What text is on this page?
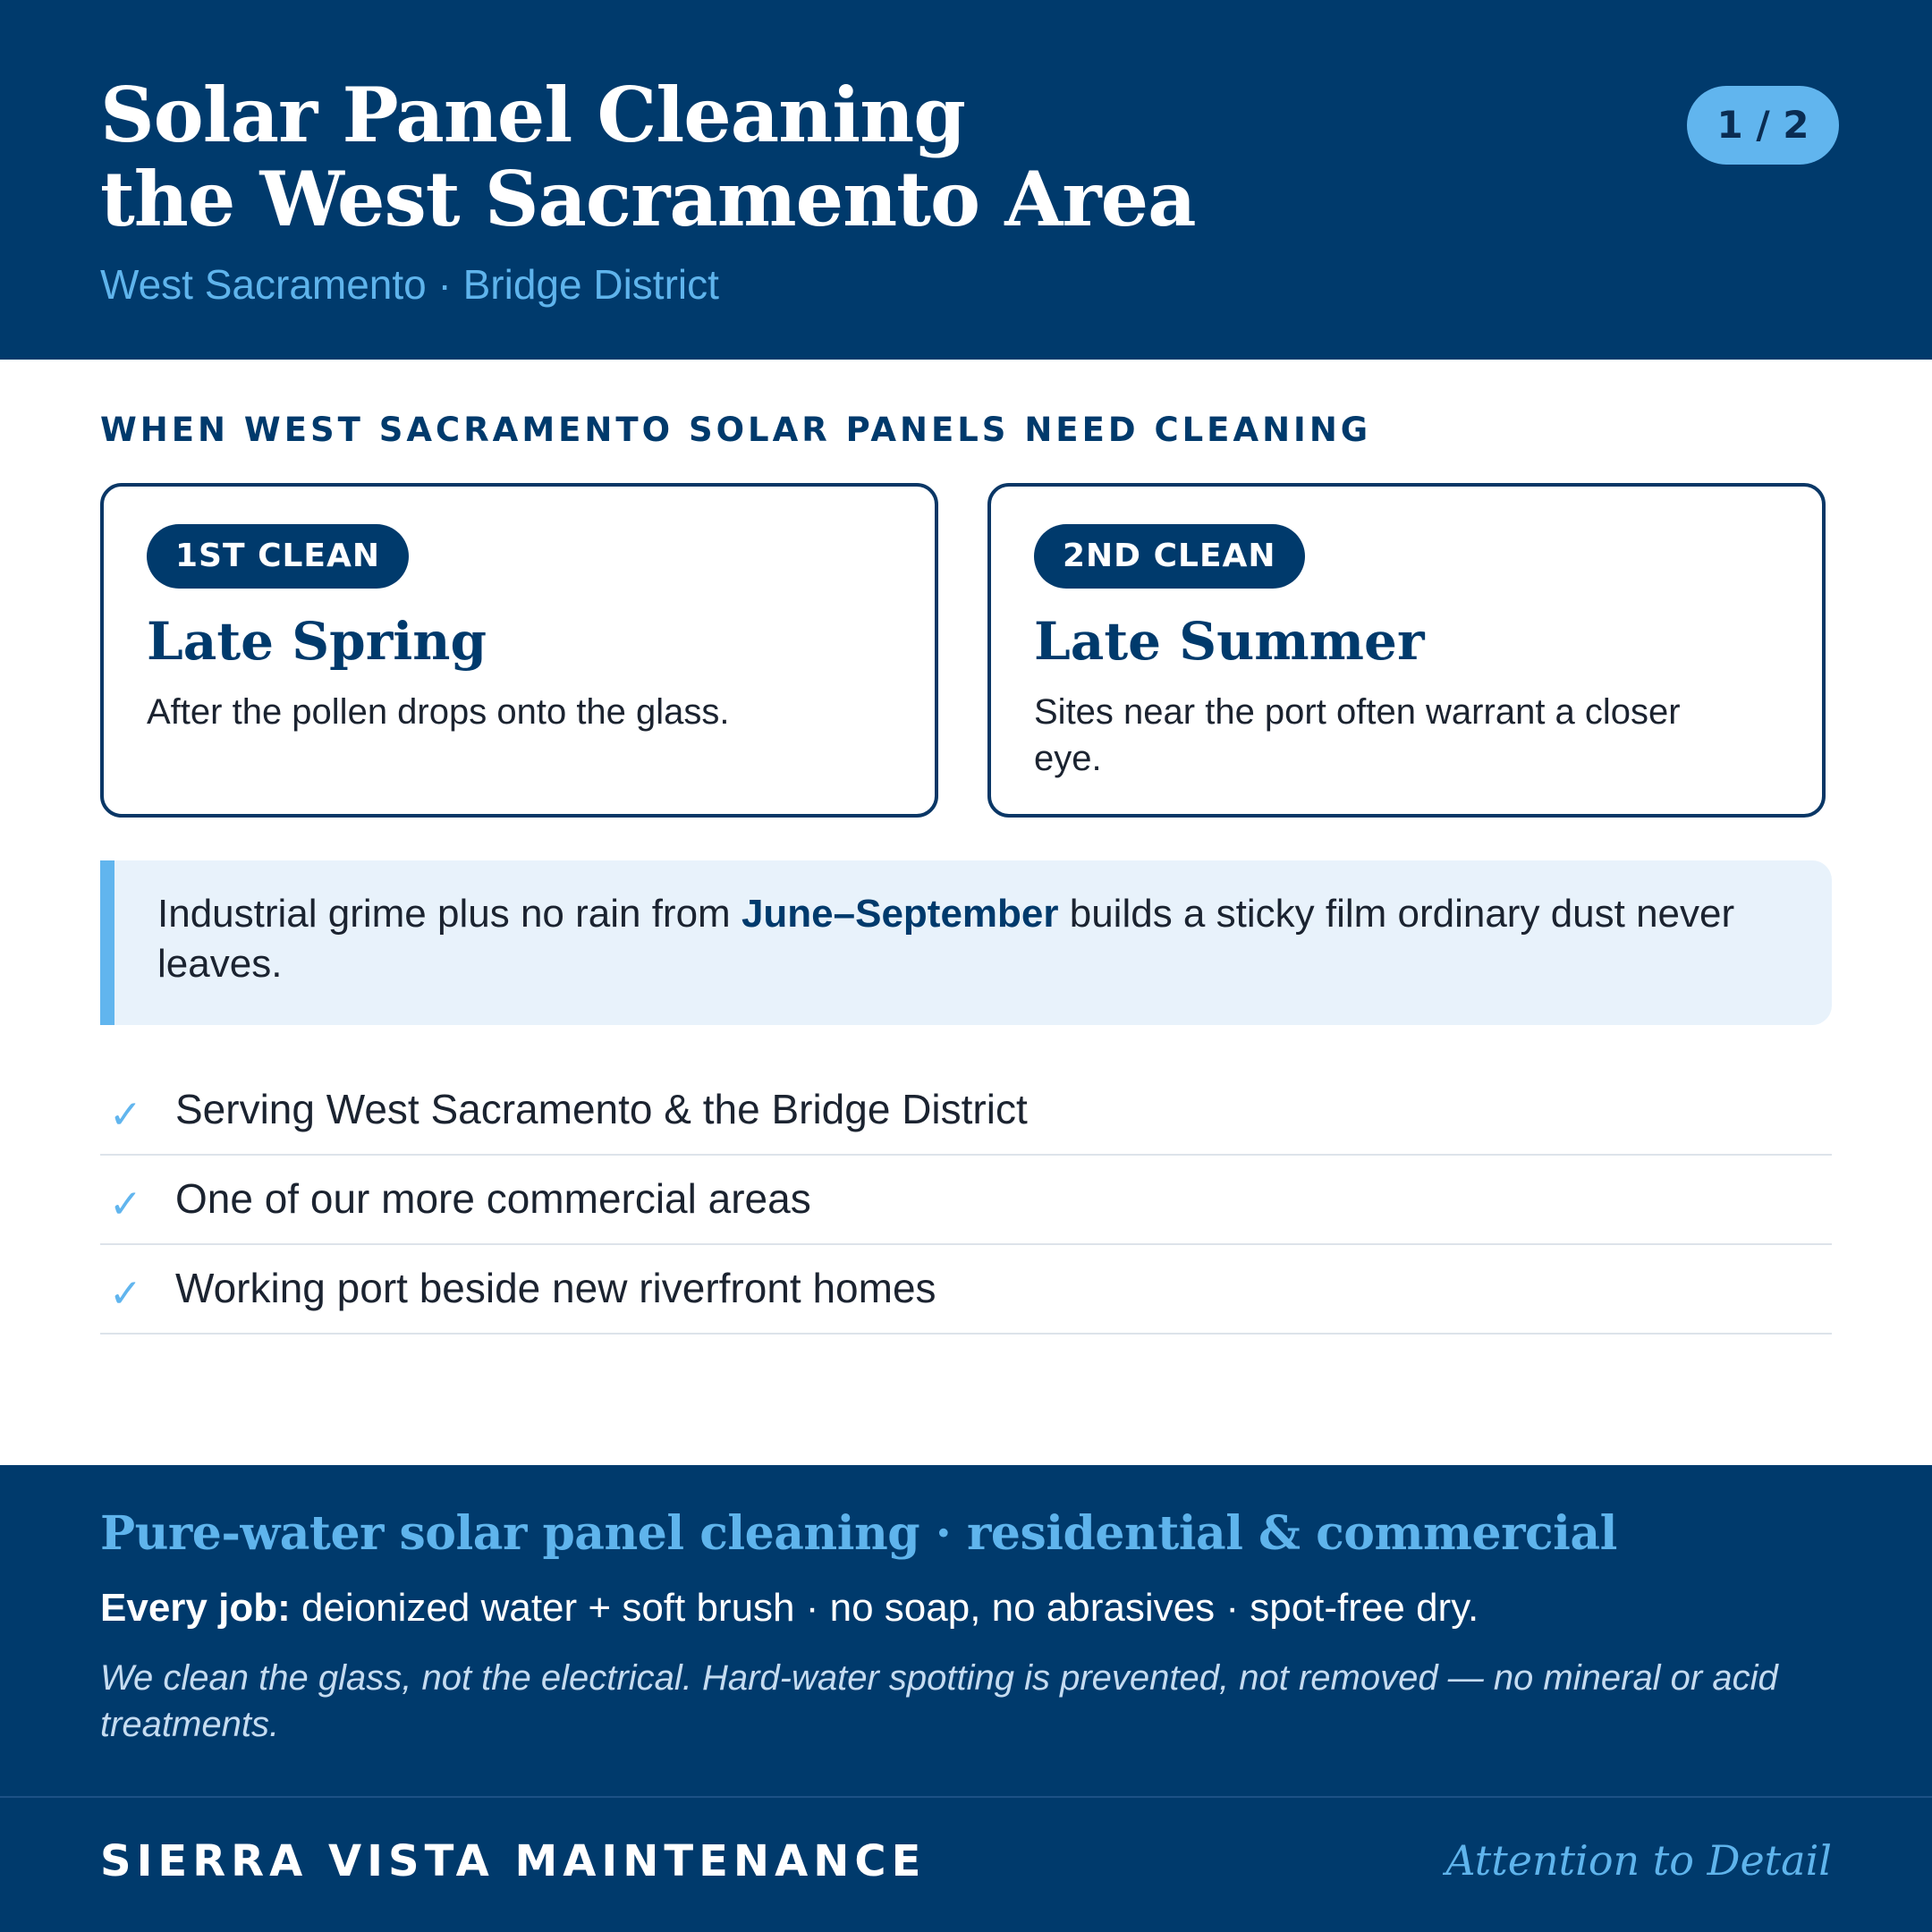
Solar Panel Cleaning
the West Sacramento Area
West Sacramento · Bridge District
1 / 2
WHEN WEST SACRAMENTO SOLAR PANELS NEED CLEANING
1ST CLEAN
Late Spring
After the pollen drops onto the glass.
2ND CLEAN
Late Summer
Sites near the port often warrant a closer eye.

Industrial grime plus no rain from June–September builds a sticky film ordinary dust never leaves.

✓ Serving West Sacramento & the Bridge District
✓ One of our more commercial areas
✓ Working port beside new riverfront homes
Pure-water solar panel cleaning · residential & commercial
Every job: deionized water + soft brush · no soap, no abrasives · spot-free dry.
We clean the glass, not the electrical. Hard-water spotting is prevented, not removed — no mineral or acid treatments.
SIERRA VISTA MAINTENANCE	Attention to Detail
